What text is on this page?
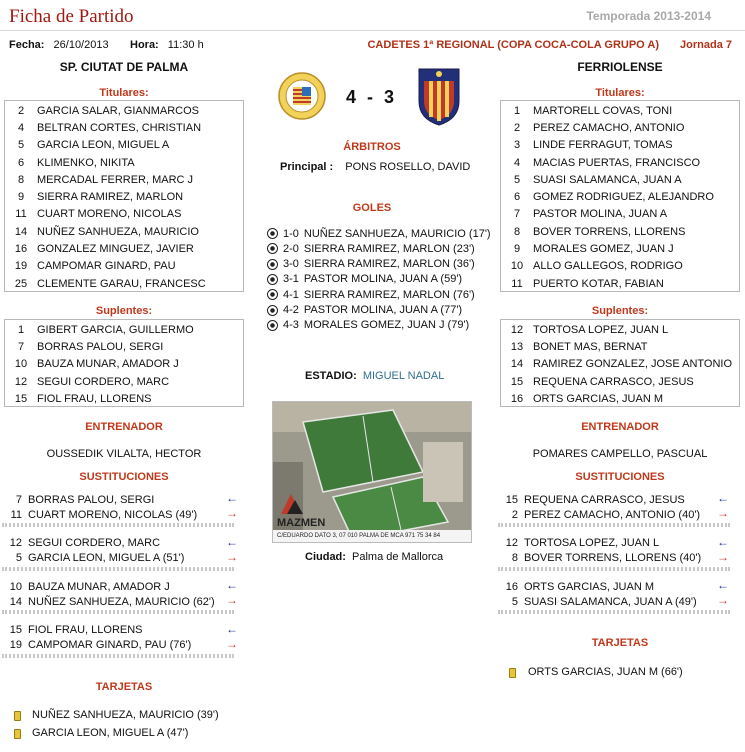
Ficha de Partido	Temporada 2013-2014
Fecha: 26/10/2013 Hora: 11:30 h	CADETES 1ª REGIONAL (COPA COCA-COLA GRUPO A) Jornada 7
SP. CIUTAT DE PALMA	FERRIOLENSE
Titulares:
2	GARCIA SALAR, GIANMARCOS
4	BELTRAN CORTES, CHRISTIAN
5	GARCIA LEON, MIGUEL A
6	KLIMENKO, NIKITA
8	MERCADAL FERRER, MARC J
9	SIERRA RAMIREZ, MARLON
11 CUART MORENO, NICOLAS
14 NUÑEZ SANHUEZA, MAURICIO
16 GONZALEZ MINGUEZ, JAVIER
19 CAMPOMAR GINARD, PAU
25 CLEMENTE GARAU, FRANCESC
Suplentes:
1	GIBERT GARCIA, GUILLERMO
7	BORRAS PALOU, SERGI
10 BAUZA MUNAR, AMADOR J
12 SEGUI CORDERO, MARC
15 FIOL FRAU, LLORENS
Titulares:
1	MARTORELL COVAS, TONI
2	PEREZ CAMACHO, ANTONIO
3	LINDE FERRAGUT, TOMAS
4	MACIAS PUERTAS, FRANCISCO
5	SUASI SALAMANCA, JUAN A
6	GOMEZ RODRIGUEZ, ALEJANDRO
7	PASTOR MOLINA, JUAN A
8	BOVER TORRENS, LLORENS
9	MORALES GOMEZ, JUAN J
10 ALLO GALLEGOS, RODRIGO
11 PUERTO KOTAR, FABIAN
Suplentes:
12 TORTOSA LOPEZ, JUAN L
13 BONET MAS, BERNAT
14 RAMIREZ GONZALEZ, JOSE ANTONIO
15 REQUENA CARRASCO, JESUS
16 ORTS GARCIAS, JUAN M
4 - 3
ÁRBITROS
Principal : PONS ROSELLO, DAVID
GOLES
1-0 NUÑEZ SANHUEZA, MAURICIO (17')
2-0 SIERRA RAMIREZ, MARLON (23')
3-0 SIERRA RAMIREZ, MARLON (36')
3-1 PASTOR MOLINA, JUAN A (59')
4-1 SIERRA RAMIREZ, MARLON (76')
4-2 PASTOR MOLINA, JUAN A (77')
4-3 MORALES GOMEZ, JUAN J (79')
ESTADIO: MIGUEL NADAL
MAZMEN
C/EDUARDO DATO 3, 07 010 PALMA DE MCA 971 75 34 84
Ciudad: Palma de Mallorca
ENTRENADOR
OUSSEDIK VILALTA, HECTOR
SUSTITUCIONES
ENTRENADOR
POMARES CAMPELLO, PASCUAL
SUSTITUCIONES
7 BORRAS PALOU, SERGI	←
11 CUART MORENO, NICOLAS (49') →
12 SEGUI CORDERO, MARC	←
5 GARCIA LEON, MIGUEL A (51')	→
10 BAUZA MUNAR, AMADOR J	←
14 NUÑEZ SANHUEZA, MAURICIO (62') →
15 FIOL FRAU, LLORENS	←
19 CAMPOMAR GINARD, PAU (76')	→
15 REQUENA CARRASCO, JESUS	←
2 PEREZ CAMACHO, ANTONIO (40') →
12 TORTOSA LOPEZ, JUAN L	←
8 BOVER TORRENS, LLORENS (40') →
16 ORTS GARCIAS, JUAN M	←
5 SUASI SALAMANCA, JUAN A (49') →
TARJETAS
TARJETAS
NUÑEZ SANHUEZA, MAURICIO (39')
GARCIA LEON, MIGUEL A (47')
ORTS GARCIAS, JUAN M (66')
